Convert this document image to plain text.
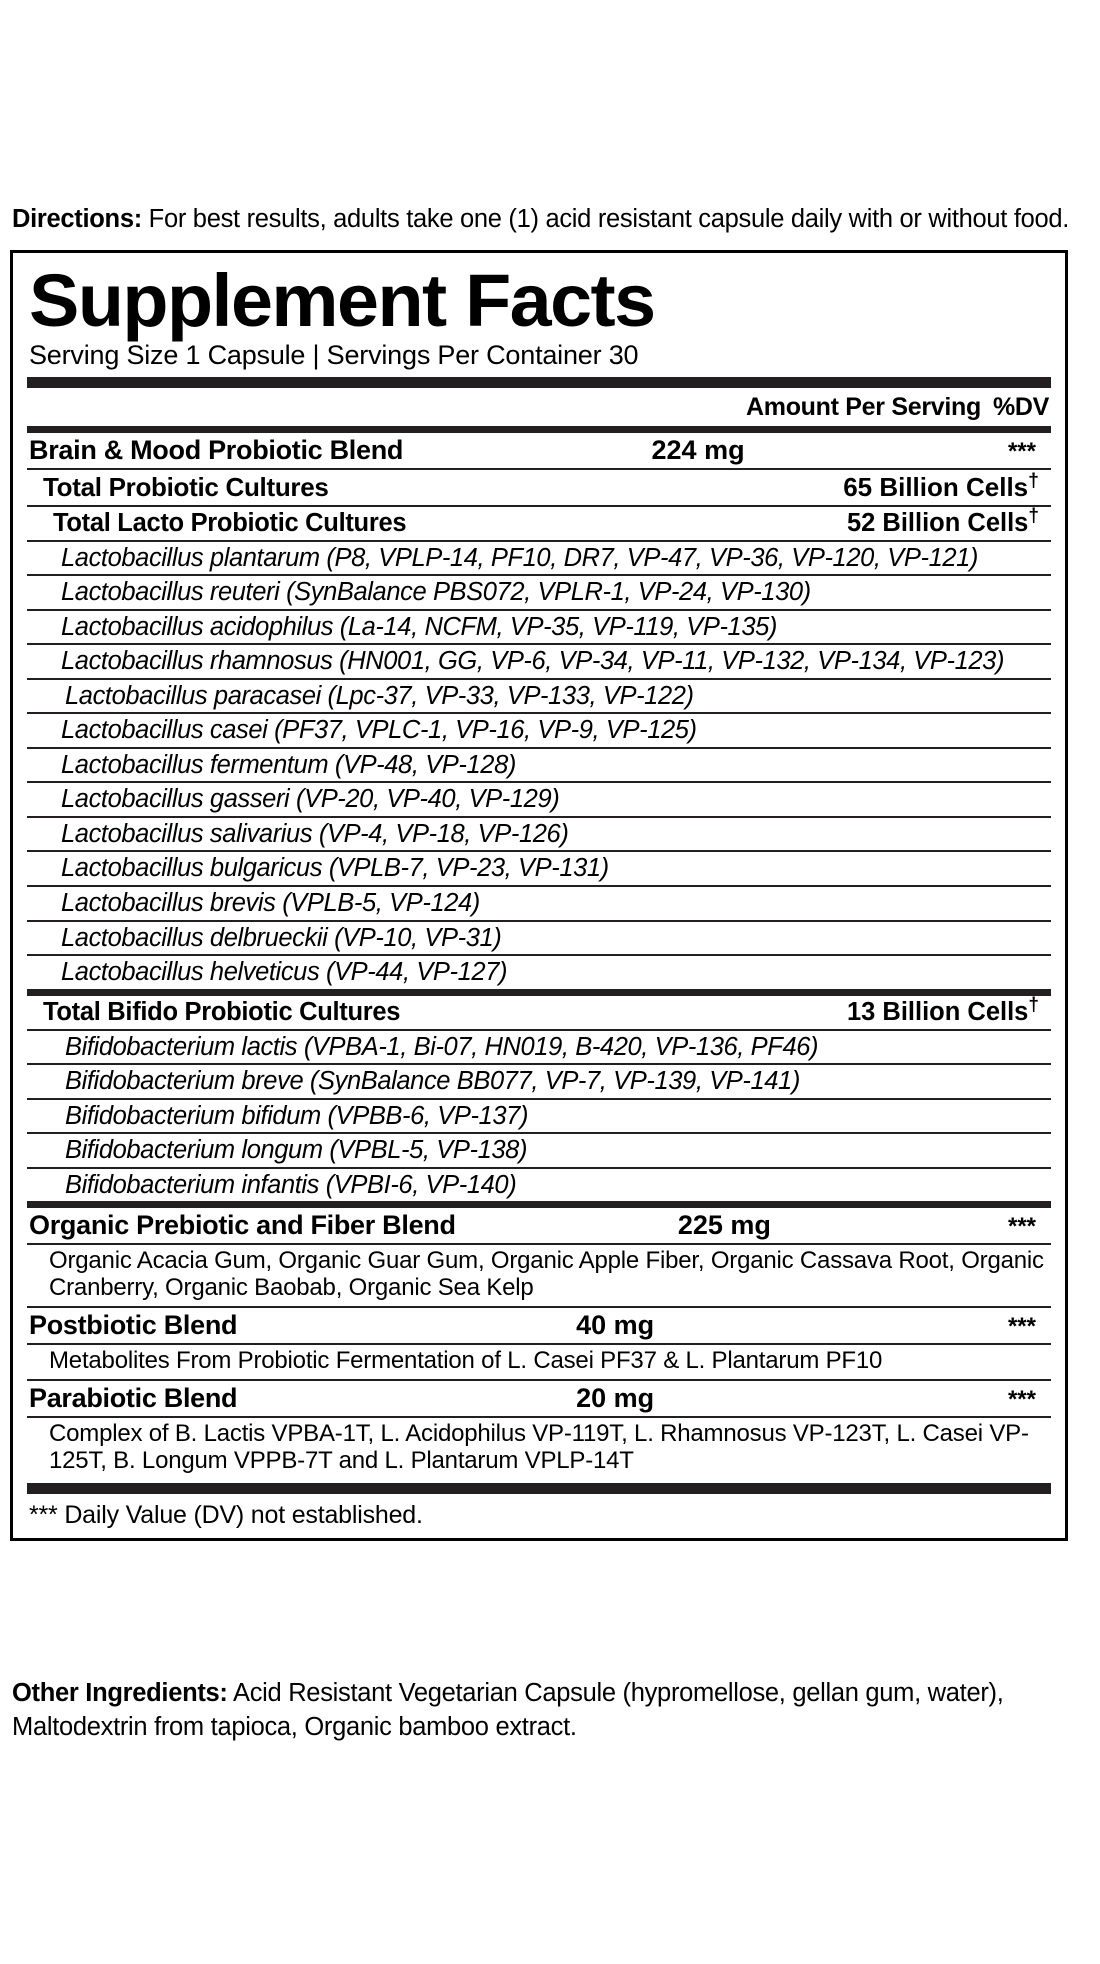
Directions: For best results, adults take one (1) acid resistant capsule daily with or without food.
Supplement Facts
Serving Size 1 Capsule | Servings Per Container 30
Amount Per Serving %DV
Brain & Mood Probiotic Blend	224 mg	***
Total Probiotic Cultures	65 Billion Cells†
Total Lacto Probiotic Cultures	52 Billion Cells†
Lactobacillus plantarum (P8, VPLP-14, PF10, DR7, VP-47, VP-36, VP-120, VP-121)
Lactobacillus reuteri (SynBalance PBS072, VPLR-1, VP-24, VP-130)
Lactobacillus acidophilus (La-14, NCFM, VP-35, VP-119, VP-135)
Lactobacillus rhamnosus (HN001, GG, VP-6, VP-34, VP-11, VP-132, VP-134, VP-123)
Lactobacillus paracasei (Lpc-37, VP-33, VP-133, VP-122)
Lactobacillus casei (PF37, VPLC-1, VP-16, VP-9, VP-125)
Lactobacillus fermentum (VP-48, VP-128)
Lactobacillus gasseri (VP-20, VP-40, VP-129)
Lactobacillus salivarius (VP-4, VP-18, VP-126)
Lactobacillus bulgaricus (VPLB-7, VP-23, VP-131)
Lactobacillus brevis (VPLB-5, VP-124)
Lactobacillus delbrueckii (VP-10, VP-31)
Lactobacillus helveticus (VP-44, VP-127)
Total Bifido Probiotic Cultures	13 Billion Cells†
Bifidobacterium lactis (VPBA-1, Bi-07, HN019, B-420, VP-136, PF46)
Bifidobacterium breve (SynBalance BB077, VP-7, VP-139, VP-141)
Bifidobacterium bifidum (VPBB-6, VP-137)
Bifidobacterium longum (VPBL-5, VP-138)
Bifidobacterium infantis (VPBI-6, VP-140)
Organic Prebiotic and Fiber Blend	225 mg	***
Organic Acacia Gum, Organic Guar Gum, Organic Apple Fiber, Organic Cassava Root, Organic Cranberry, Organic Baobab, Organic Sea Kelp
Postbiotic Blend	40 mg	***
Metabolites From Probiotic Fermentation of L. Casei PF37 & L. Plantarum PF10
Parabiotic Blend	20 mg	***
Complex of B. Lactis VPBA-1T, L. Acidophilus VP-119T, L. Rhamnosus VP-123T, L. Casei VP-125T, B. Longum VPPB-7T and L. Plantarum VPLP-14T
*** Daily Value (DV) not established.
Other Ingredients: Acid Resistant Vegetarian Capsule (hypromellose, gellan gum, water), Maltodextrin from tapioca, Organic bamboo extract.
